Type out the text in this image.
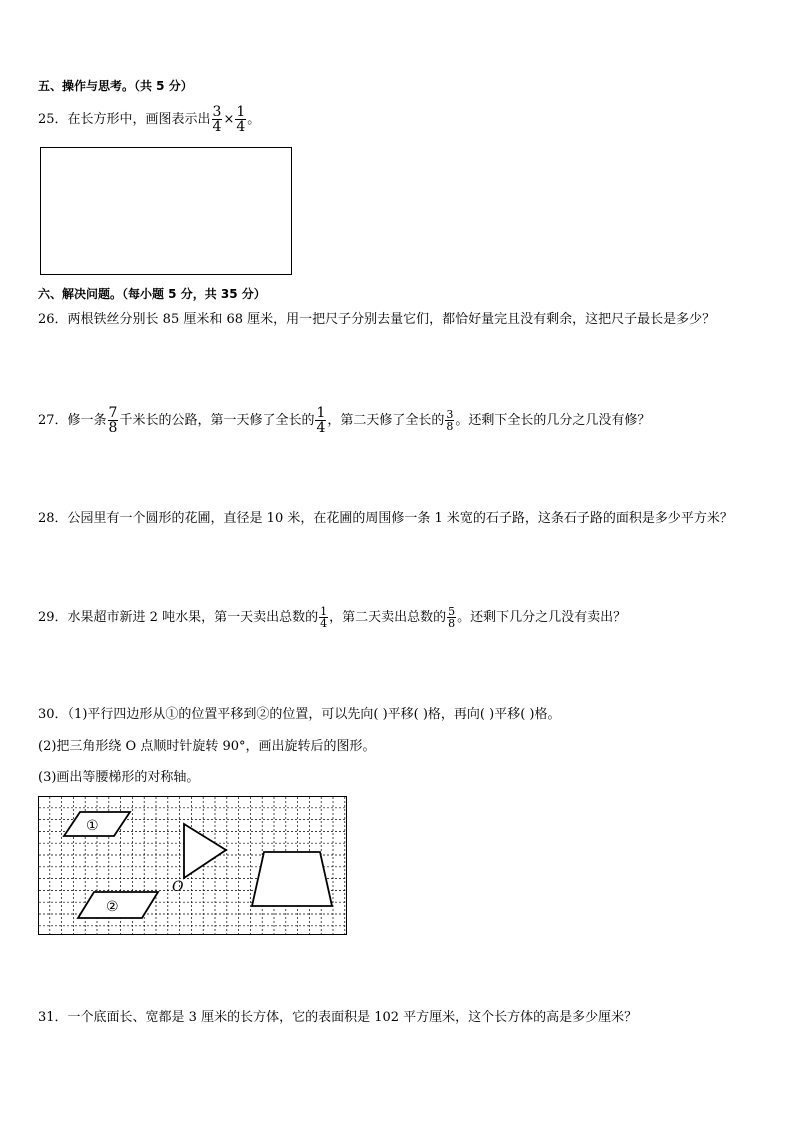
五、操作与思考。（共 5 分）
25．在长方形中，画图表示出 $\frac{3}{4} \times \frac{1}{4}$ 。
六、解决问题。（每小题 5 分，共 35 分）
26．两根铁丝分别长 85 厘米和 68 厘米，用一把尺子分别去量它们，都恰好量完且没有剩余，这把尺子最长是多少？
27．修一条 $\frac{7}{8}$ 千米长的公路，第一天修了全长的 $\frac{1}{4}$ ，第二天修了全长的 $\frac{3}{8}$ 。还剩下全长的几分之几没有修？
28．公园里有一个圆形的花圃，直径是 10 米，在花圃的周围修一条 1 米宽的石子路，这条石子路的面积是多少平方米？
29．水果超市新进 2 吨水果，第一天卖出总数的 $\frac{1}{4}$ ，第二天卖出总数的 $\frac{5}{8}$ 。还剩下几分之几没有卖出？
30．（1)平行四边形从①的位置平移到②的位置，可以先向( )平移( )格，再向( )平移( )格。
(2)把三角形绕 O 点顺时针旋转 90°，画出旋转后的图形。
(3)画出等腰梯形的对称轴。
①
②
O
31．一个底面长、宽都是 3 厘米的长方体，它的表面积是 102 平方厘米，这个长方体的高是多少厘米？
